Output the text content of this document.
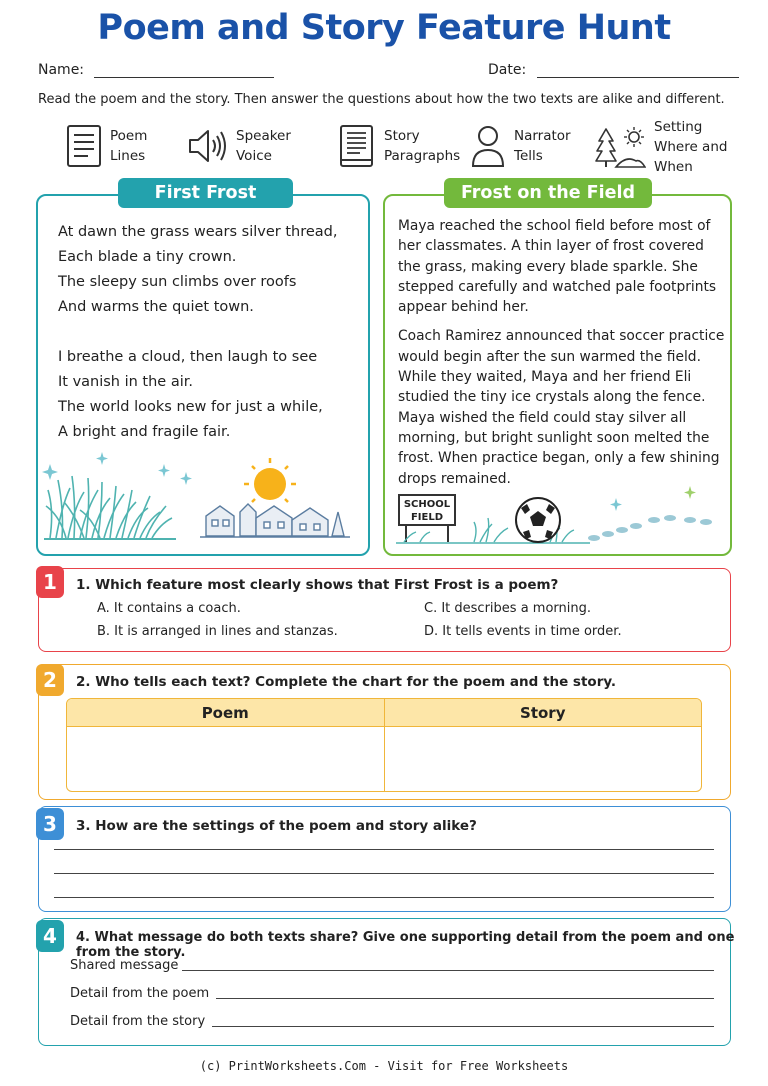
Poem and Story Feature Hunt
Name:	Date:
Read the poem and the story. Then answer the questions about how the two texts are alike and different.
Poem
Lines
Speaker
Voice
Story
Paragraphs
Narrator
Tells
Setting
Where and
When
First Frost
At dawn the grass wears silver thread,
Each blade a tiny crown.
The sleepy sun climbs over roofs
And warms the quiet town.
I breathe a cloud, then laugh to see
It vanish in the air.
The world looks new for just a while,
A bright and fragile fair.
Frost on the Field

Maya reached the school field before most of her classmates. A thin layer of frost covered the grass, making every blade sparkle. She stepped carefully and watched pale footprints appear behind her.

Coach Ramirez announced that soccer practice would begin after the sun warmed the field. While they waited, Maya and her friend Eli studied the tiny ice crystals along the fence. Maya wished the field could stay silver all morning, but bright sunlight soon melted the frost. When practice began, only a few shining drops remained.

SCHOOL
FIELD
1	1. Which feature most clearly shows that First Frost is a poem?
A. It contains a coach.
B. It is arranged in lines and stanzas.
C. It describes a morning.
D. It tells events in time order.
2	2. Who tells each text? Complete the chart for the poem and the story.
Poem	Story
3	3. How are the settings of the poem and story alike?
4	4. What message do both texts share? Give one supporting detail from the poem and one from the story.
Shared message
Detail from the poem
Detail from the story
(c) PrintWorksheets.Com - Visit for Free Worksheets
